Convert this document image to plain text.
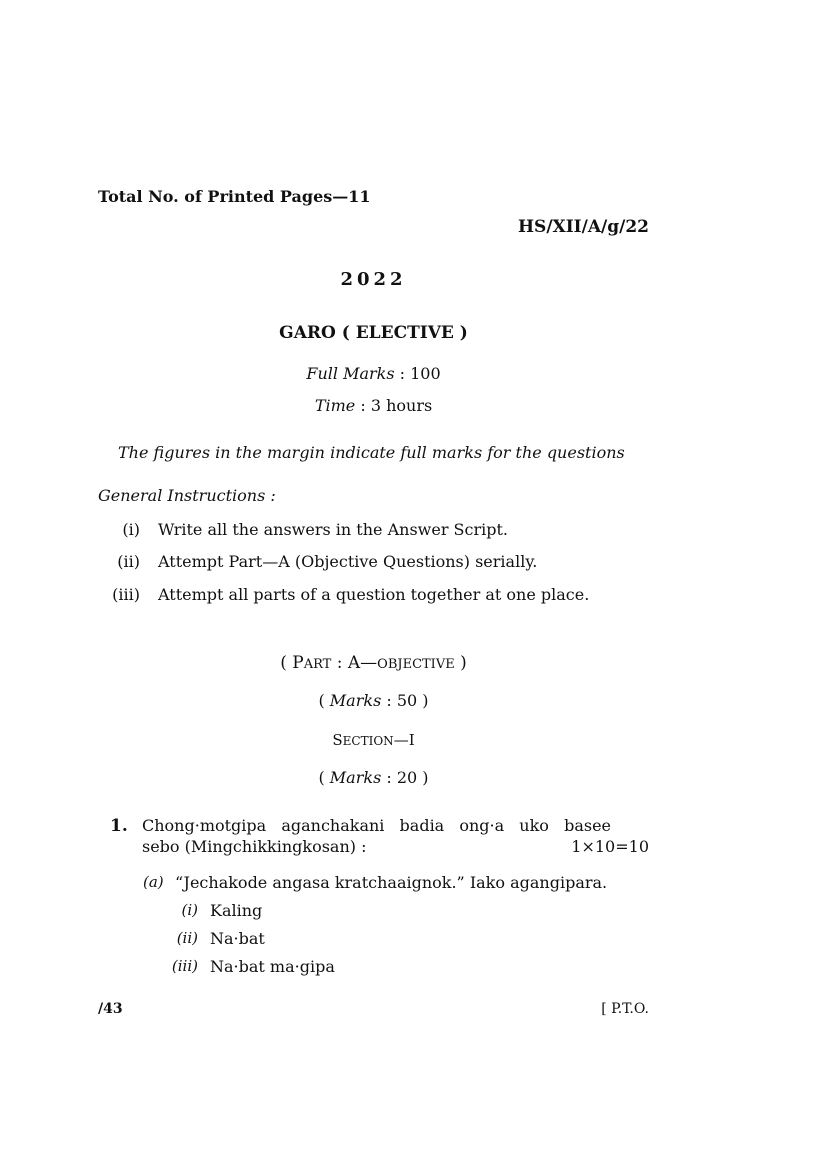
Total No. of Printed Pages—11
HS/XII/A/g/22
2022
GARO ( ELECTIVE )
Full Marks : 100
Time : 3 hours
The figures in the margin indicate full marks for the questions
General Instructions :
(i) Write all the answers in the Answer Script.
(ii) Attempt Part—A (Objective Questions) serially.
(iii) Attempt all parts of a question together at one place.
( PART : A—OBJECTIVE )
( Marks : 50 )
SECTION—I
( Marks : 20 )
1. Chong·motgipa aganchakani badia ong·a uko basee
sebo (Mingchikkingkosan) :	1×10=10
(a) “Jechakode angasa kratchaaignok.” Iako agangipara.
(i) Kaling
(ii) Na·bat
(iii) Na·bat ma·gipa
/43	[ P.T.O.
